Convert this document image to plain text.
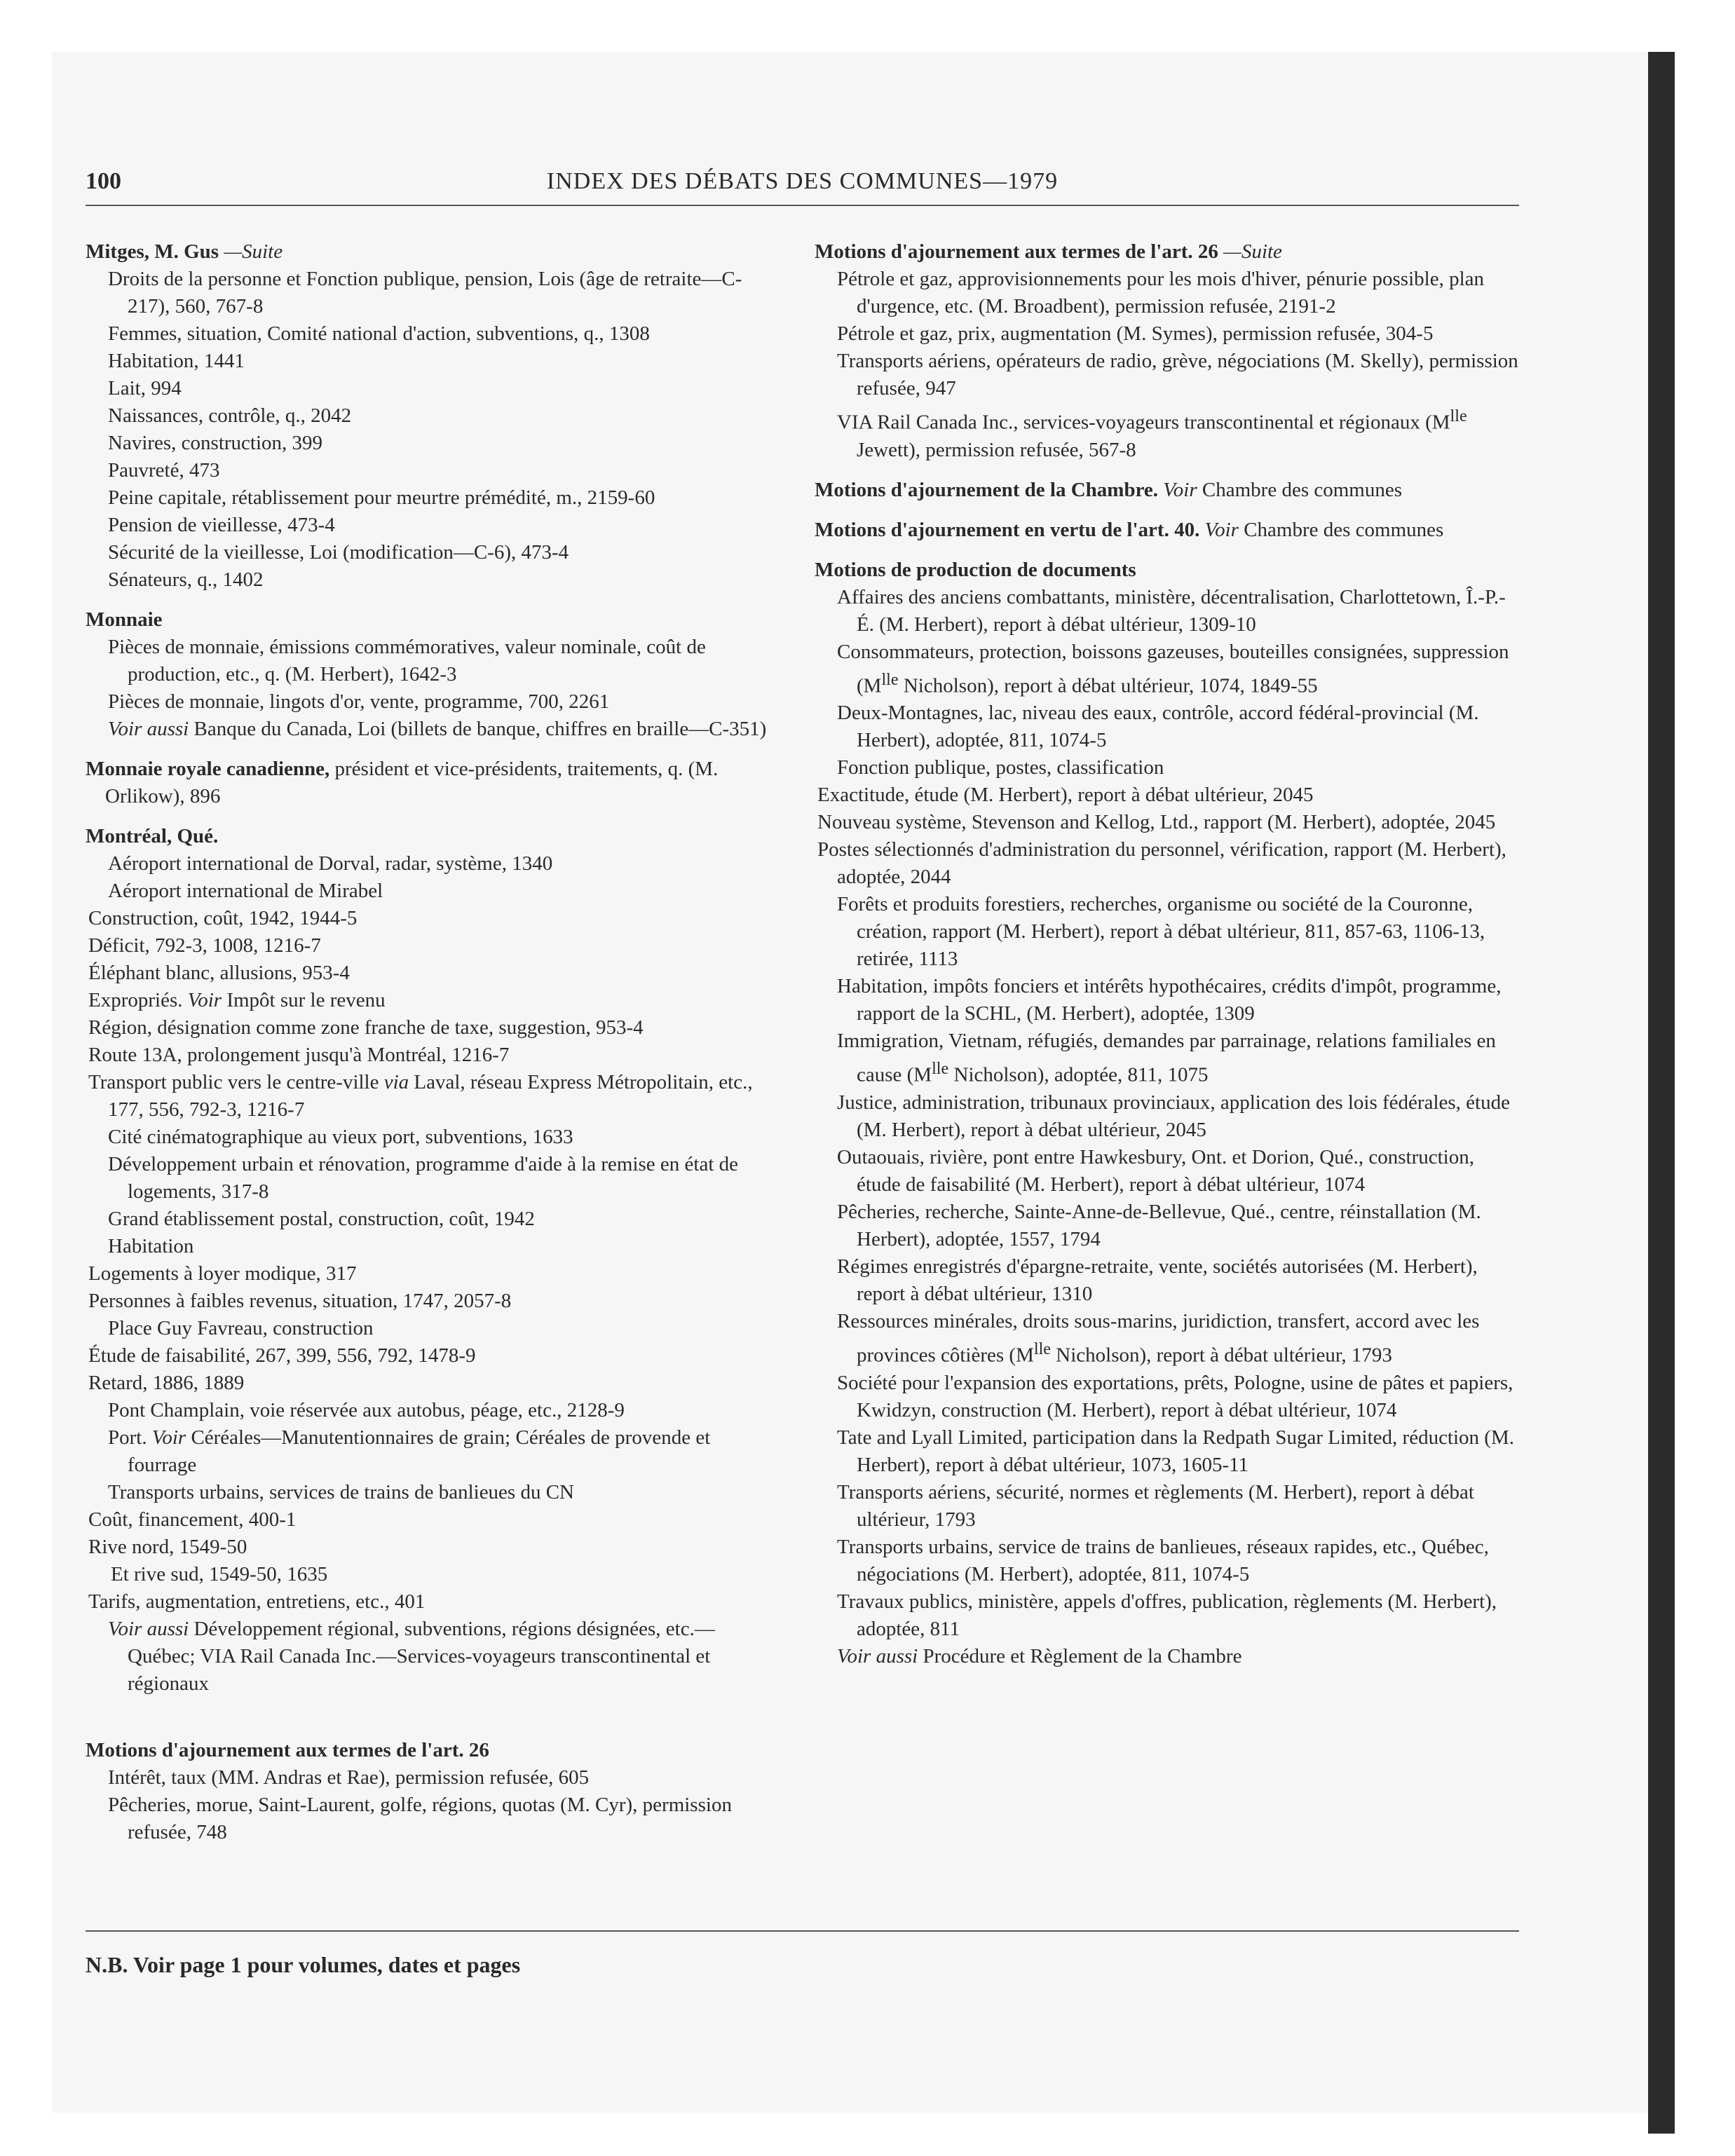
100	INDEX DES DÉBATS DES COMMUNES—1979
Mitges, M. Gus —Suite
Droits de la personne et Fonction publique, pension, Lois (âge de retraite—C-217), 560, 767-8
Femmes, situation, Comité national d'action, subventions, q., 1308
Habitation, 1441
Lait, 994
Naissances, contrôle, q., 2042
Navires, construction, 399
Pauvreté, 473
Peine capitale, rétablissement pour meurtre prémédité, m., 2159-60
Pension de vieillesse, 473-4
Sécurité de la vieillesse, Loi (modification—C-6), 473-4
Sénateurs, q., 1402
Monnaie
Pièces de monnaie, émissions commémoratives, valeur nominale, coût de production, etc., q. (M. Herbert), 1642-3
Pièces de monnaie, lingots d'or, vente, programme, 700, 2261
Voir aussi Banque du Canada, Loi (billets de banque, chiffres en braille—C-351)
Monnaie royale canadienne, président et vice-présidents, traitements, q. (M. Orlikow), 896
Montréal, Qué.
Aéroport international de Dorval, radar, système, 1340
Aéroport international de Mirabel
Construction, coût, 1942, 1944-5
Déficit, 792-3, 1008, 1216-7
Éléphant blanc, allusions, 953-4
Expropriés. Voir Impôt sur le revenu
Région, désignation comme zone franche de taxe, suggestion, 953-4
Route 13A, prolongement jusqu'à Montréal, 1216-7
Transport public vers le centre-ville via Laval, réseau Express Métropolitain, etc., 177, 556, 792-3, 1216-7
Cité cinématographique au vieux port, subventions, 1633
Développement urbain et rénovation, programme d'aide à la remise en état de logements, 317-8
Grand établissement postal, construction, coût, 1942
Habitation
Logements à loyer modique, 317
Personnes à faibles revenus, situation, 1747, 2057-8
Place Guy Favreau, construction
Étude de faisabilité, 267, 399, 556, 792, 1478-9
Retard, 1886, 1889
Pont Champlain, voie réservée aux autobus, péage, etc., 2128-9
Port. Voir Céréales—Manutentionnaires de grain; Céréales de provende et fourrage
Transports urbains, services de trains de banlieues du CN
Coût, financement, 400-1
Rive nord, 1549-50
Et rive sud, 1549-50, 1635
Tarifs, augmentation, entretiens, etc., 401
Voir aussi Développement régional, subventions, régions désignées, etc.—Québec; VIA Rail Canada Inc.—Services-voyageurs transcontinental et régionaux
Motions d'ajournement aux termes de l'art. 26
Intérêt, taux (MM. Andras et Rae), permission refusée, 605
Pêcheries, morue, Saint-Laurent, golfe, régions, quotas (M. Cyr), permission refusée, 748
Motions d'ajournement aux termes de l'art. 26 —Suite
Pétrole et gaz, approvisionnements pour les mois d'hiver, pénurie possible, plan d'urgence, etc. (M. Broadbent), permission refusée, 2191-2
Pétrole et gaz, prix, augmentation (M. Symes), permission refusée, 304-5
Transports aériens, opérateurs de radio, grève, négociations (M. Skelly), permission refusée, 947
VIA Rail Canada Inc., services-voyageurs transcontinental et régionaux ($M^{lle}$ Jewett), permission refusée, 567-8
Motions d'ajournement de la Chambre. Voir Chambre des communes
Motions d'ajournement en vertu de l'art. 40. Voir Chambre des communes
Motions de production de documents
Affaires des anciens combattants, ministère, décentralisation, Charlottetown, Î.-P.-É. (M. Herbert), report à débat ultérieur, 1309-10
Consommateurs, protection, boissons gazeuses, bouteilles consignées, suppression ($M^{lle}$ Nicholson), report à débat ultérieur, 1074, 1849-55
Deux-Montagnes, lac, niveau des eaux, contrôle, accord fédéral-provincial (M. Herbert), adoptée, 811, 1074-5
Fonction publique, postes, classification
Exactitude, étude (M. Herbert), report à débat ultérieur, 2045
Nouveau système, Stevenson and Kellog, Ltd., rapport (M. Herbert), adoptée, 2045
Postes sélectionnés d'administration du personnel, vérification, rapport (M. Herbert), adoptée, 2044
Forêts et produits forestiers, recherches, organisme ou société de la Couronne, création, rapport (M. Herbert), report à débat ultérieur, 811, 857-63, 1106-13, retirée, 1113
Habitation, impôts fonciers et intérêts hypothécaires, crédits d'impôt, programme, rapport de la SCHL, (M. Herbert), adoptée, 1309
Immigration, Vietnam, réfugiés, demandes par parrainage, relations familiales en cause ($M^{lle}$ Nicholson), adoptée, 811, 1075
Justice, administration, tribunaux provinciaux, application des lois fédérales, étude (M. Herbert), report à débat ultérieur, 2045
Outaouais, rivière, pont entre Hawkesbury, Ont. et Dorion, Qué., construction, étude de faisabilité (M. Herbert), report à débat ultérieur, 1074
Pêcheries, recherche, Sainte-Anne-de-Bellevue, Qué., centre, réinstallation (M. Herbert), adoptée, 1557, 1794
Régimes enregistrés d'épargne-retraite, vente, sociétés autorisées (M. Herbert), report à débat ultérieur, 1310
Ressources minérales, droits sous-marins, juridiction, transfert, accord avec les provinces côtières ($M^{lle}$ Nicholson), report à débat ultérieur, 1793
Société pour l'expansion des exportations, prêts, Pologne, usine de pâtes et papiers, Kwidzyn, construction (M. Herbert), report à débat ultérieur, 1074
Tate and Lyall Limited, participation dans la Redpath Sugar Limited, réduction (M. Herbert), report à débat ultérieur, 1073, 1605-11
Transports aériens, sécurité, normes et règlements (M. Herbert), report à débat ultérieur, 1793
Transports urbains, service de trains de banlieues, réseaux rapides, etc., Québec, négociations (M. Herbert), adoptée, 811, 1074-5
Travaux publics, ministère, appels d'offres, publication, règlements (M. Herbert), adoptée, 811
Voir aussi Procédure et Règlement de la Chambre
N.B. Voir page 1 pour volumes, dates et pages
